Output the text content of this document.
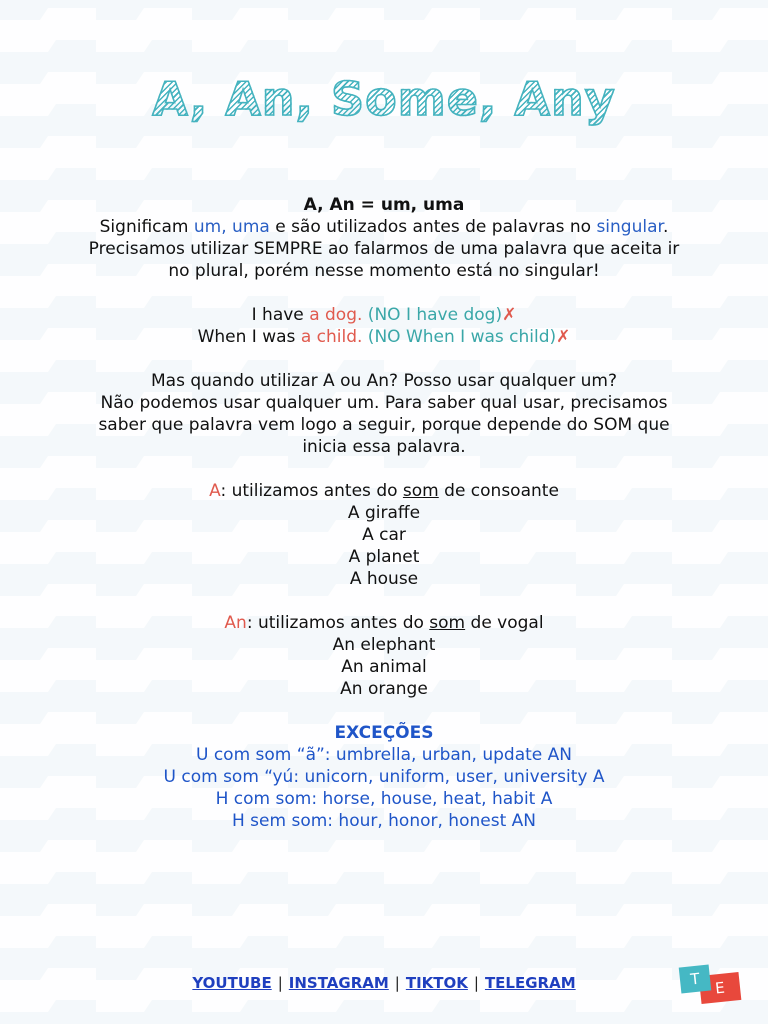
A, An, Some, Any

A, An = um, uma

Significam um, uma e são utilizados antes de palavras no singular.

Precisamos utilizar SEMPRE ao falarmos de uma palavra que aceita ir

no plural, porém nesse momento está no singular!

I have a dog. (NO I have dog)✗

When I was a child. (NO When I was child)✗

Mas quando utilizar A ou An? Posso usar qualquer um?

Não podemos usar qualquer um. Para saber qual usar, precisamos

saber que palavra vem logo a seguir, porque depende do SOM que

inicia essa palavra.

A: utilizamos antes do som de consoante

A giraffe

A car

A planet

A house

An: utilizamos antes do som de vogal

An elephant

An animal

An orange

EXCEÇÕES

U com som “ã”: umbrella, urban, update AN

U com som “yú: unicorn, uniform, user, university A

H com som: horse, house, heat, habit A

H sem som: hour, honor, honest AN

YOUTUBE | INSTAGRAM | TIKTOK | TELEGRAM	E
T
